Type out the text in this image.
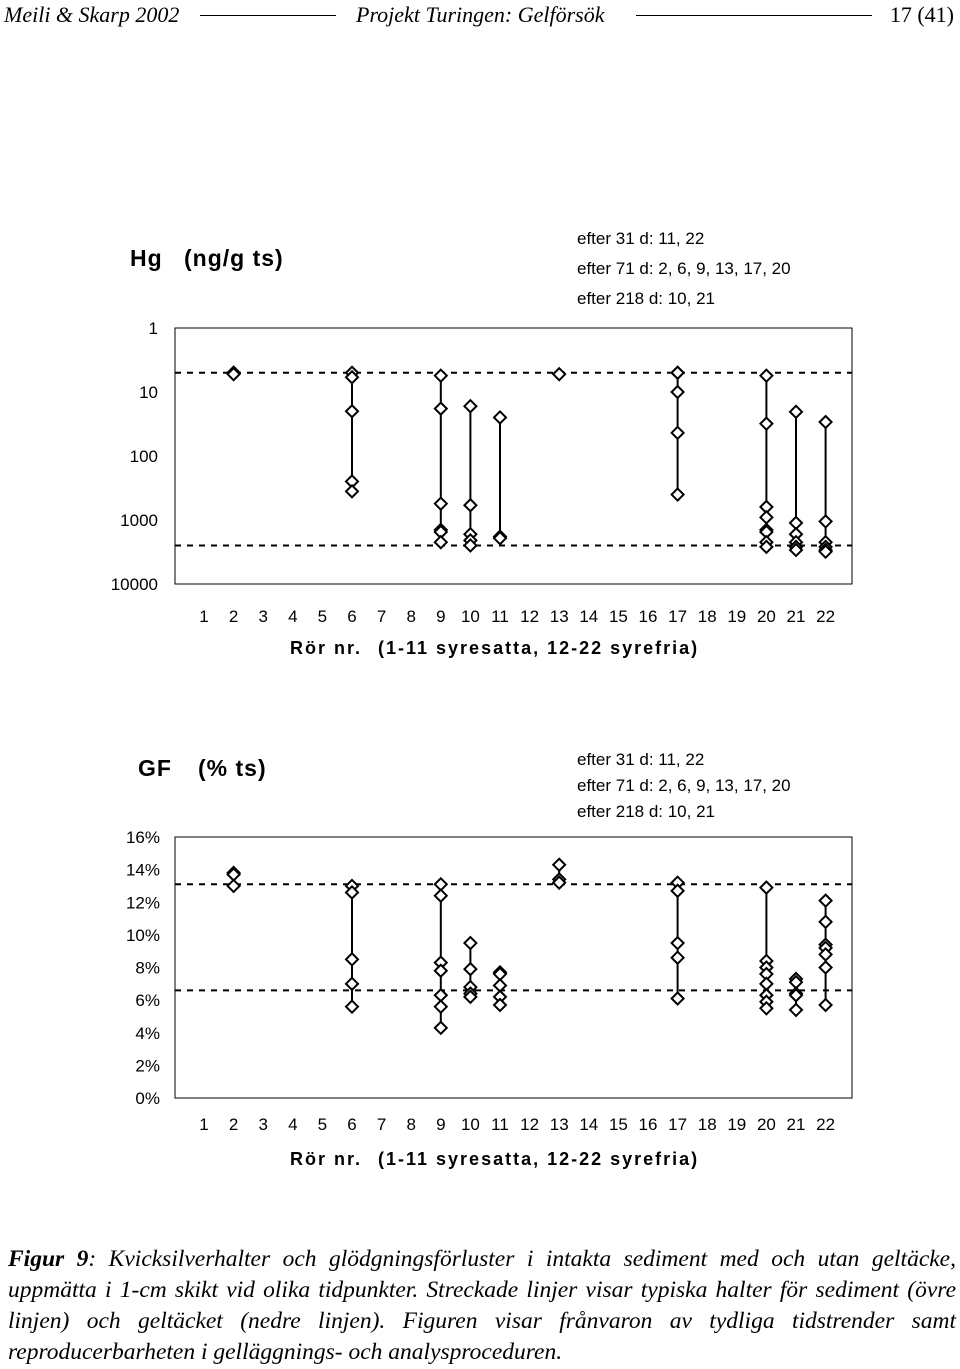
Meili & Skarp 2002	Projekt Turingen: Gelförsök	17 (41)
Hg (ng/g ts)
efter 31 d: 11, 22
efter 71 d: 2, 6, 9, 13, 17, 20
efter 218 d: 10, 21
Rör nr. (1-11 syresatta, 12-22 syrefria)
10000
1000
100
10
1
1 2 3 4 5 6 7 8 9 10 11 12 13 14 15 16 17 18 19 20 21 22
GF (% ts)	efter 31 d: 11, 22
efter 71 d: 2, 6, 9, 13, 17, 20
efter 218 d: 10, 21
Rör nr. (1-11 syresatta, 12-22 syrefria)
16%
14%
12%
10%
8%
6%
4%
2%
0%
1 2 3 4 5 6 7 8 9 10 11 12 13 14 15 16 17 18 19 20 21 22
Figur 9: Kvicksilverhalter och glödgningsförluster i intakta sediment med och utan geltäcke, uppmätta i 1-cm skikt vid olika tidpunkter. Streckade linjer visar typiska halter för sediment (övre linjen) och geltäcket (nedre linjen). Figuren visar frånvaron av tydliga tidstrender samt reproducerbarheten i gelläggnings- och analysproceduren.
